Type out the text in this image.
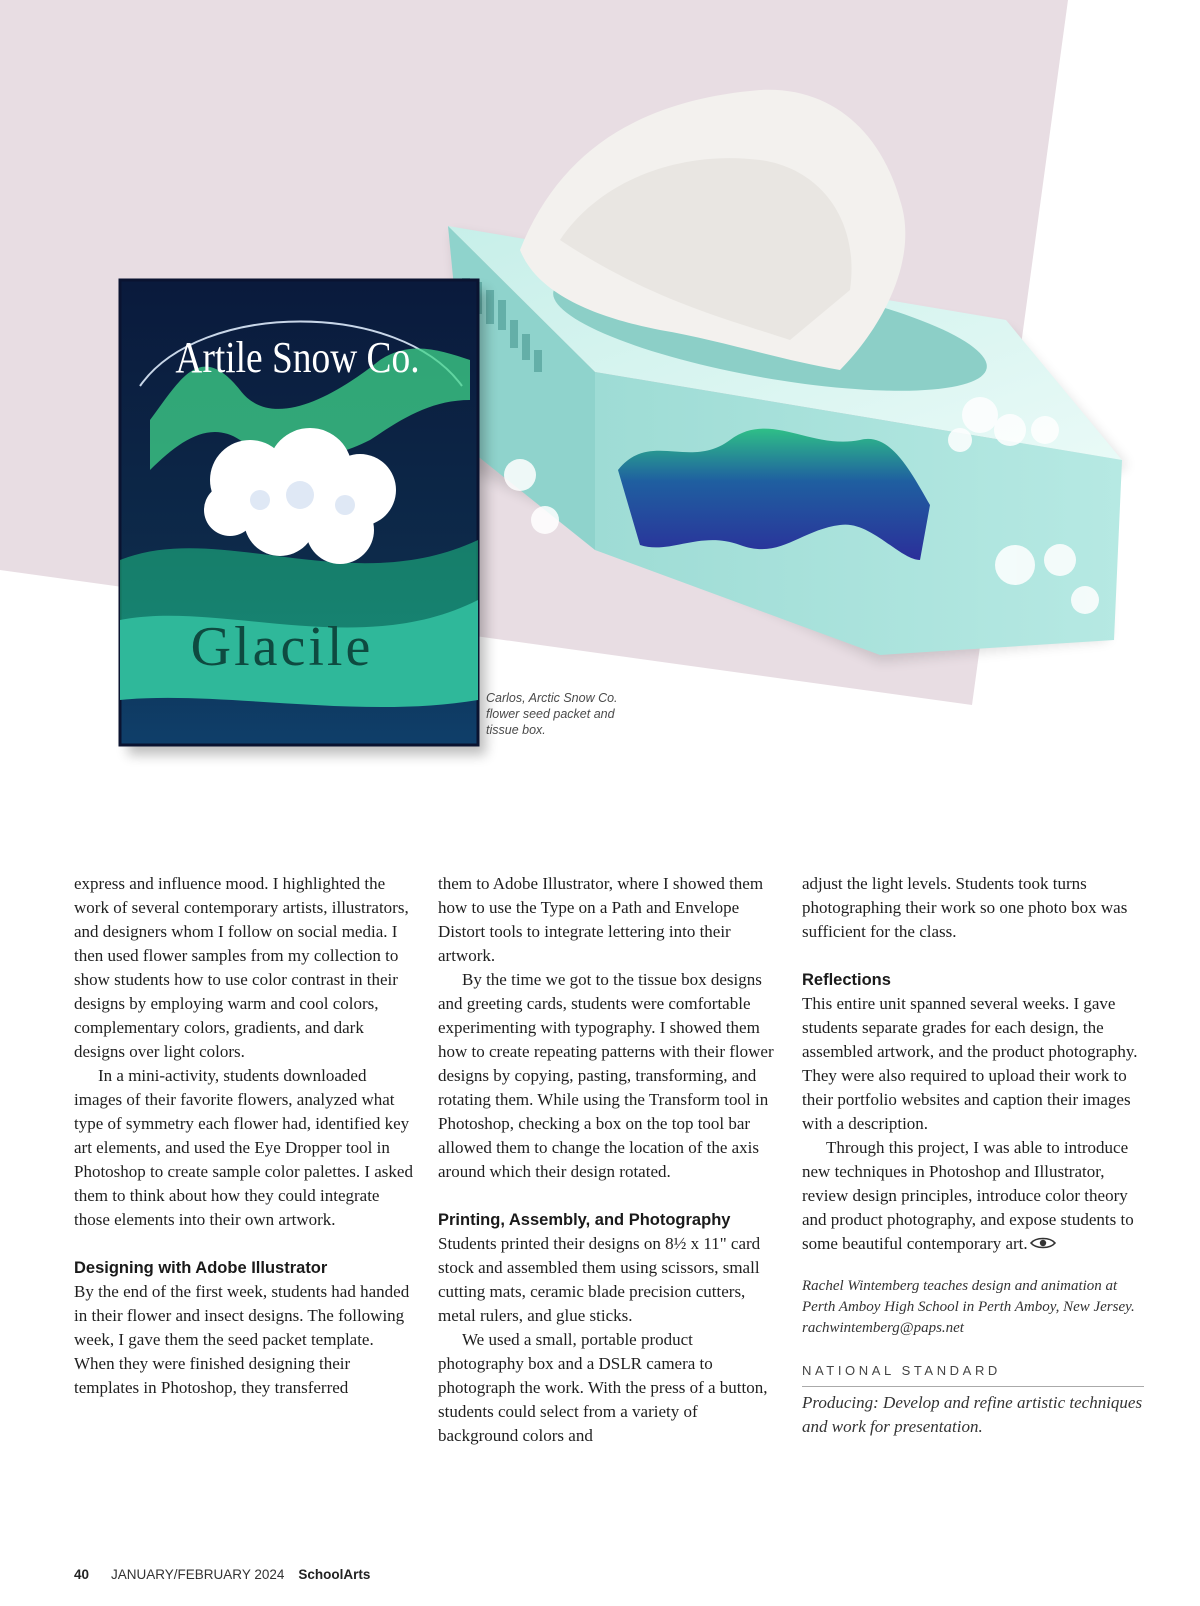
Artile Snow Co.
Glacile
Carlos, Arctic Snow Co.
flower seed packet and
tissue box.

express and influence mood. I highlighted the work of several contemporary artists, illustrators, and designers whom I follow on social media. I then used flower samples from my collection to show students how to use color contrast in their designs by employing warm and cool colors, complementary colors, gradients, and dark designs over light colors.

In a mini-activity, students downloaded images of their favorite flowers, analyzed what type of symmetry each flower had, identified key art elements, and used the Eye Dropper tool in Photoshop to create sample color palettes. I asked them to think about how they could integrate those elements into their own artwork.

Designing with Adobe Illustrator

By the end of the first week, students had handed in their flower and insect designs. The following week, I gave them the seed packet template. When they were finished designing their templates in Photoshop, they transferred

them to Adobe Illustrator, where I showed them how to use the Type on a Path and Envelope Distort tools to integrate lettering into their artwork.

By the time we got to the tissue box designs and greeting cards, students were comfortable experimenting with typography. I showed them how to create repeating patterns with their flower designs by copying, pasting, transforming, and rotating them. While using the Transform tool in Photoshop, checking a box on the top tool bar allowed them to change the location of the axis around which their design rotated.

Printing, Assembly, and Photography

Students printed their designs on 8½ x 11" card stock and assembled them using scissors, small cutting mats, ceramic blade precision cutters, metal rulers, and glue sticks.

We used a small, portable product photography box and a DSLR camera to photograph the work. With the press of a button, students could select from a variety of background colors and

adjust the light levels. Students took turns photographing their work so one photo box was sufficient for the class.

Reflections

This entire unit spanned several weeks. I gave students separate grades for each design, the assembled artwork, and the product photography. They were also required to upload their work to their portfolio websites and caption their images with a description.

Through this project, I was able to introduce new techniques in Photoshop and Illustrator, review design principles, introduce color theory and product photography, and expose students to some beautiful contemporary art.

Rachel Wintemberg teaches design and animation at Perth Amboy High School in Perth Amboy, New Jersey. rachwintemberg@paps.net

NATIONAL STANDARD

Producing: Develop and refine artistic techniques and work for presentation.

40 JANUARY/FEBRUARY 2024 SchoolArts
